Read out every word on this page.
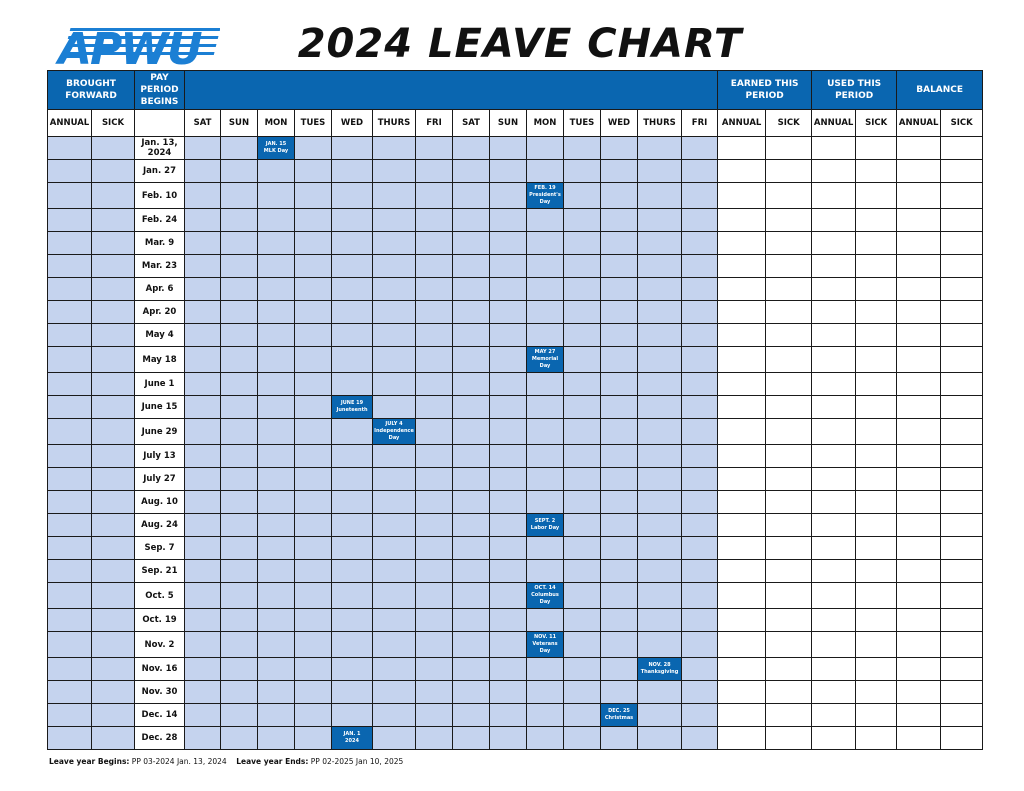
APWU	2024 LEAVE CHART
BROUGHT FORWARD		PAY PERIOD BEGINS															EARNED THIS PERIOD		USED THIS PERIOD		BALANCE	
ANNUAL	SICK		SAT	SUN	MON	TUES	WED	THURS	FRI	SAT	SUN	MON	TUES	WED	THURS	FRI	ANNUAL	SICK	ANNUAL	SICK	ANNUAL	SICK
		Jan. 13, 2024			JAN. 15
MLK Day																	

		Jan. 27																				
		Feb. 10										FEB. 19
President's Day										

		Feb. 24																				
		Mar. 9																				
		Mar. 23																				
		Apr. 6																				
		Apr. 20																				
		May 4																				
		May 18										MAY 27
Memorial Day										

		June 1																				
		June 15					JUNE 19
Juneteenth															

		June 29						JULY 4
Independence Day														

		July 13																				
		July 27																				
		Aug. 10																				
		Aug. 24										SEPT. 2
Labor Day										

		Sep. 7																				
		Sep. 21																				
		Oct. 5										OCT. 14
Columbus Day										

		Oct. 19																				
		Nov. 2										NOV. 11
Veterans Day										

		Nov. 16													NOV. 28
Thanksgiving							

		Nov. 30																				
		Dec. 14												DEC. 25
Christmas								

		Dec. 28					JAN. 1
2024															

Leave year Begins: PP 03-2024 Jan. 13, 2024 Leave year Ends: PP 02-2025 Jan 10, 2025
